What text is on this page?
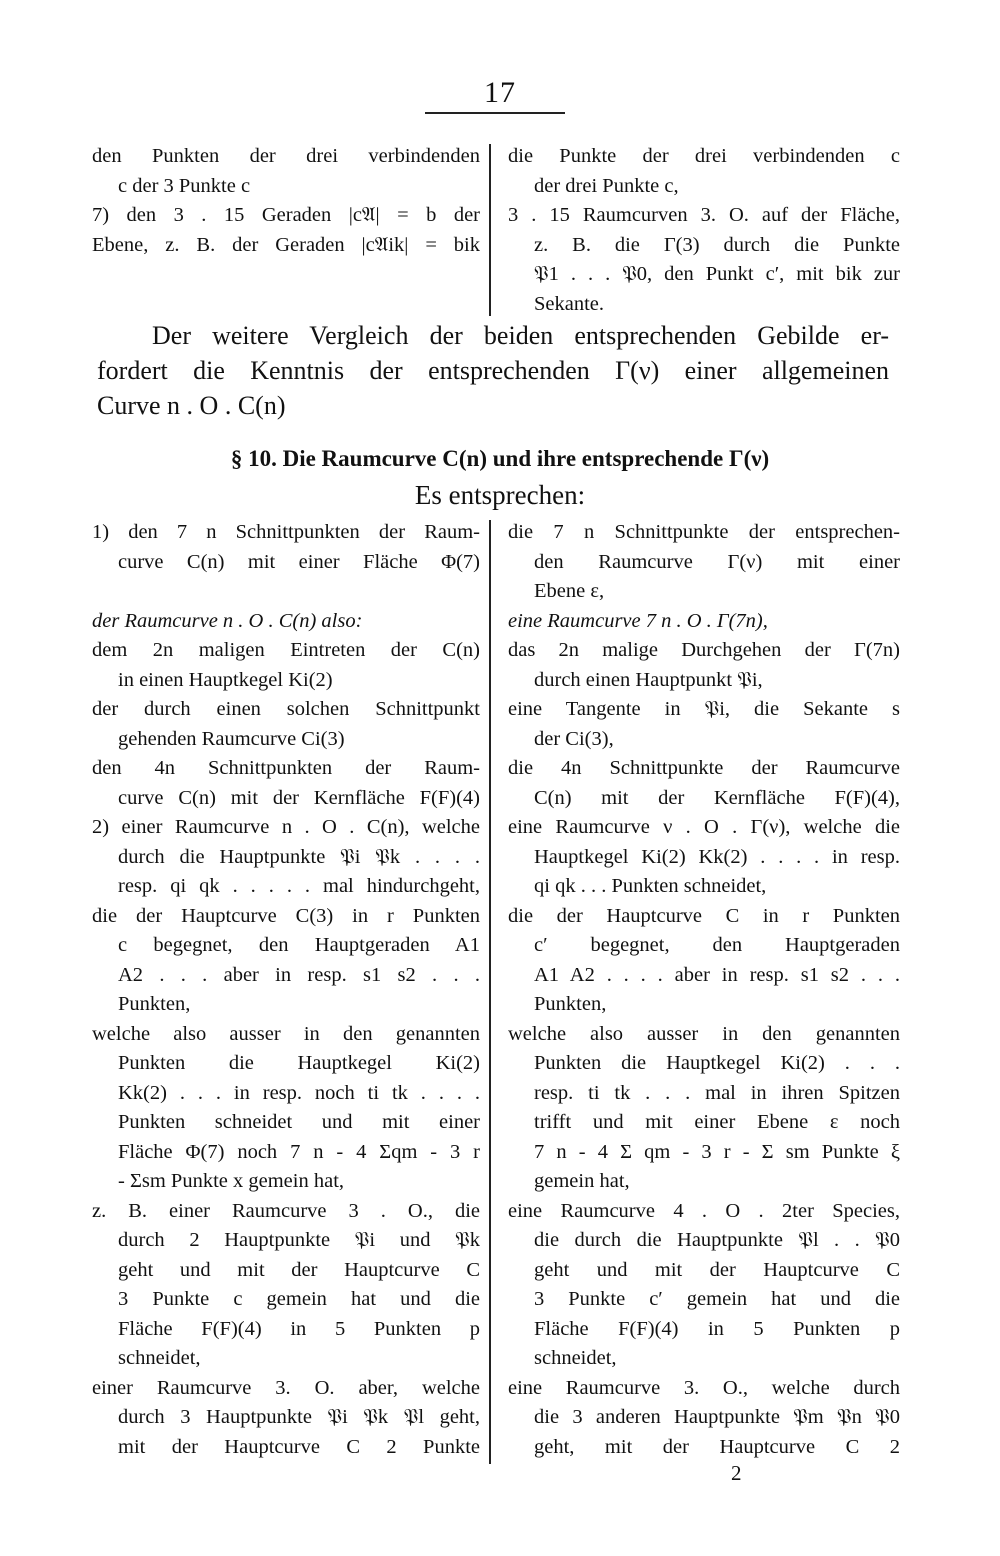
17
den Punkten der drei verbindenden
c der 3 Punkte c
7) den 3 . 15 Geraden |c𝔄| = b der
Ebene, z. B. der Geraden |c𝔄ik| = bik
die Punkte der drei verbindenden c
der drei Punkte c,
3 . 15 Raumcurven 3. O. auf der Fläche,
z. B. die Γ(3) durch die Punkte
𝔓1 . . . 𝔓0, den Punkt c′, mit bik zur
Sekante.
Der weitere Vergleich der beiden entsprechenden Gebilde er-
fordert die Kenntnis der entsprechenden Γ(ν) einer allgemeinen
Curve n . O . C(n)
§ 10. Die Raumcurve C(n) und ihre entsprechende Γ(ν)
Es entsprechen:
1) den 7 n Schnittpunkten der Raum-
curve C(n) mit einer Fläche Φ(7)
der Raumcurve n . O . C(n) also:
dem 2n maligen Eintreten der C(n)
in einen Hauptkegel Ki(2)
der durch einen solchen Schnittpunkt
gehenden Raumcurve Ci(3)
den 4n Schnittpunkten der Raum-
curve C(n) mit der Kernfläche F(F)(4)
2) einer Raumcurve n . O . C(n), welche
durch die Hauptpunkte 𝔓i 𝔓k . . . .
resp. qi qk . . . . . mal hindurchgeht,
die der Hauptcurve C(3) in r Punkten
c begegnet, den Hauptgeraden A1
A2 . . . aber in resp. s1 s2 . . .
Punkten,
welche also ausser in den genannten
Punkten die Hauptkegel Ki(2)
Kk(2) . . . in resp. noch ti tk . . . .
Punkten schneidet und mit einer
Fläche Φ(7) noch 7 n - 4 Σqm - 3 r
- Σsm Punkte x gemein hat,
z. B. einer Raumcurve 3 . O., die
durch 2 Hauptpunkte 𝔓i und 𝔓k
geht und mit der Hauptcurve C
3 Punkte c gemein hat und die
Fläche F(F)(4) in 5 Punkten p
schneidet,
einer Raumcurve 3. O. aber, welche
durch 3 Hauptpunkte 𝔓i 𝔓k 𝔓l geht,
mit der Hauptcurve C 2 Punkte
die 7 n Schnittpunkte der entsprechen-
den Raumcurve Γ(ν) mit einer
Ebene ε,
eine Raumcurve 7 n . O . Γ(7n),
das 2n malige Durchgehen der Γ(7n)
durch einen Hauptpunkt 𝔓i,
eine Tangente in 𝔓i, die Sekante s
der Ci(3),
die 4n Schnittpunkte der Raumcurve
C(n) mit der Kernfläche F(F)(4),
eine Raumcurve ν . O . Γ(ν), welche die
Hauptkegel Ki(2) Kk(2) . . . . in resp.
qi qk . . . Punkten schneidet,
die der Hauptcurve C in r Punkten
c′ begegnet, den Hauptgeraden
A1 A2 . . . . aber in resp. s1 s2 . . .
Punkten,
welche also ausser in den genannten
Punkten die Hauptkegel Ki(2) . . .
resp. ti tk . . . mal in ihren Spitzen
trifft und mit einer Ebene ε noch
7 n - 4 Σ qm - 3 r - Σ sm Punkte ξ
gemein hat,
eine Raumcurve 4 . O . 2ter Species,
die durch die Hauptpunkte 𝔓l . . 𝔓0
geht und mit der Hauptcurve C
3 Punkte c′ gemein hat und die
Fläche F(F)(4) in 5 Punkten p
schneidet,
eine Raumcurve 3. O., welche durch
die 3 anderen Hauptpunkte 𝔓m 𝔓n 𝔓0
geht, mit der Hauptcurve C 2
2
